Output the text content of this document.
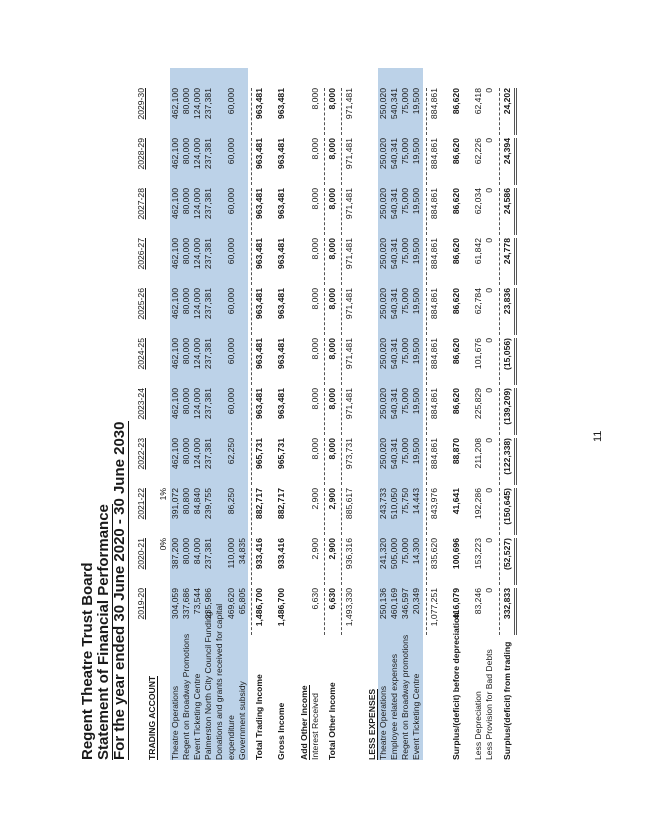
Regent Theatre Trust Board Statement of Financial Performance For the year ended 30 June 2020 - 30 June 2030 2019-20
2020-21
2021-22
2022-23
2023-24
2024-25
2025-26
2026-27
2027-28
2028-29
2029-30
TRADING ACCOUNT
0%
1%
Theatre Operations
304,059
387,200
391,072
462,100
462,100
462,100
462,100
462,100
462,100
462,100
462,100
Regent on Broadway Promotions
337,686
80,000
80,800
80,000
80,000
80,000
80,000
80,000
80,000
80,000
80,000
Event Ticketing Centre
73,544
84,000
84,840
124,000
124,000
124,000
124,000
124,000
124,000
124,000
124,000
Palmerston North City Council Funding
235,986
237,381
239,755
237,381
237,381
237,381
237,381
237,381
237,381
237,381
237,381
Donations and grants received for capital expenditure
469,620
110,000
86,250
62,250
60,000
60,000
60,000
60,000
60,000
60,000
60,000
Government subsidy
65,805
34,835
Total Trading Income
1,486,700
933,416
882,717
965,731
963,481
963,481
963,481
963,481
963,481
963,481
963,481
Gross Income
1,486,700
933,416
882,717
965,731
963,481
963,481
963,481
963,481
963,481
963,481
963,481
Add Other Income Interest Received
6,630
2,900
2,900
8,000
8,000
8,000
8,000
8,000
8,000
8,000
8,000
Total Other Income
6,630
2,900
2,900
8,000
8,000
8,000
8,000
8,000
8,000
8,000
8,000
1,493,330
936,316
885,617
973,731
971,481
971,481
971,481
971,481
971,481
971,481
971,481
LESS EXPENSES Theatre Operations
250,136
241,320
243,733
250,020
250,020
250,020
250,020
250,020
250,020
250,020
250,020
Employee related expenses
460,169
505,000
510,050
540,341
540,341
540,341
540,341
540,341
540,341
540,341
540,341
Regent on Broadway promotions
346,597
75,000
75,750
75,000
75,000
75,000
75,000
75,000
75,000
75,000
75,000
Event Ticketing Centre
20,349
14,300
14,443
19,500
19,500
19,500
19,500
19,500
19,500
19,500
19,500
1,077,251
835,620
843,976
884,861
884,861
884,861
884,861
884,861
884,861
884,861
884,861
Surplus/(deficit) before depreciation
416,079
100,696
41,641
88,870
86,620
86,620
86,620
86,620
86,620
86,620
86,620
Less Depreciation
83,246
153,223
192,286
211,208
225,829
101,676
62,784
61,842
62,034
62,226
62,418
Less Provision for Bad Debts
0
0
0
0
0
0
0
0
0
0
0
Surplus/(deficit) from trading
332,833
(52,527)
(150,645)
(122,338)
(139,209)
(15,056)
23,836
24,778
24,586
24,394
24,202
11
